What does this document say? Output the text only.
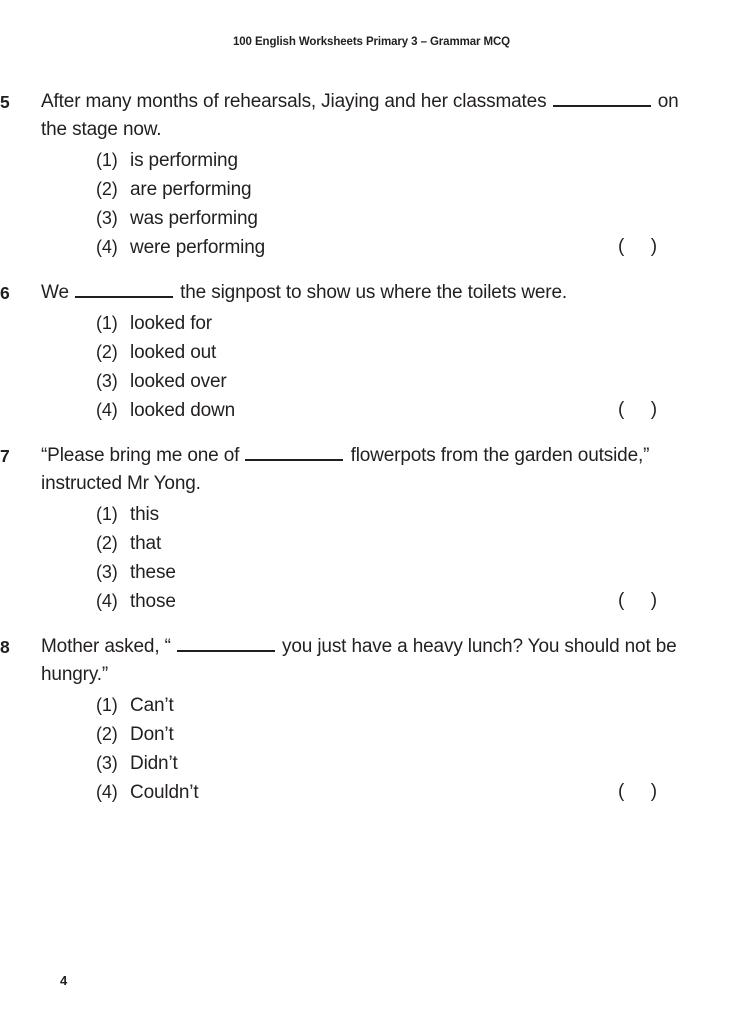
100 English Worksheets Primary 3 – Grammar MCQ
5	After many months of rehearsals, Jiaying and her classmates	on the stage now.
(1) is performing
(2) are performing
(3) was performing
(4) were performing	(     )
6	We	the signpost to show us where the toilets were.
(1) looked for
(2) looked out
(3) looked over
(4) looked down	(     )
7	“Please bring me one of	flowerpots from the garden outside,” instructed Mr Yong.
(1) this
(2) that
(3) these
(4) those	(     )
8	Mother asked, “	you just have a heavy lunch? You should not be hungry.”
(1) Can’t
(2) Don’t
(3) Didn’t
(4) Couldn’t	(     )
4
